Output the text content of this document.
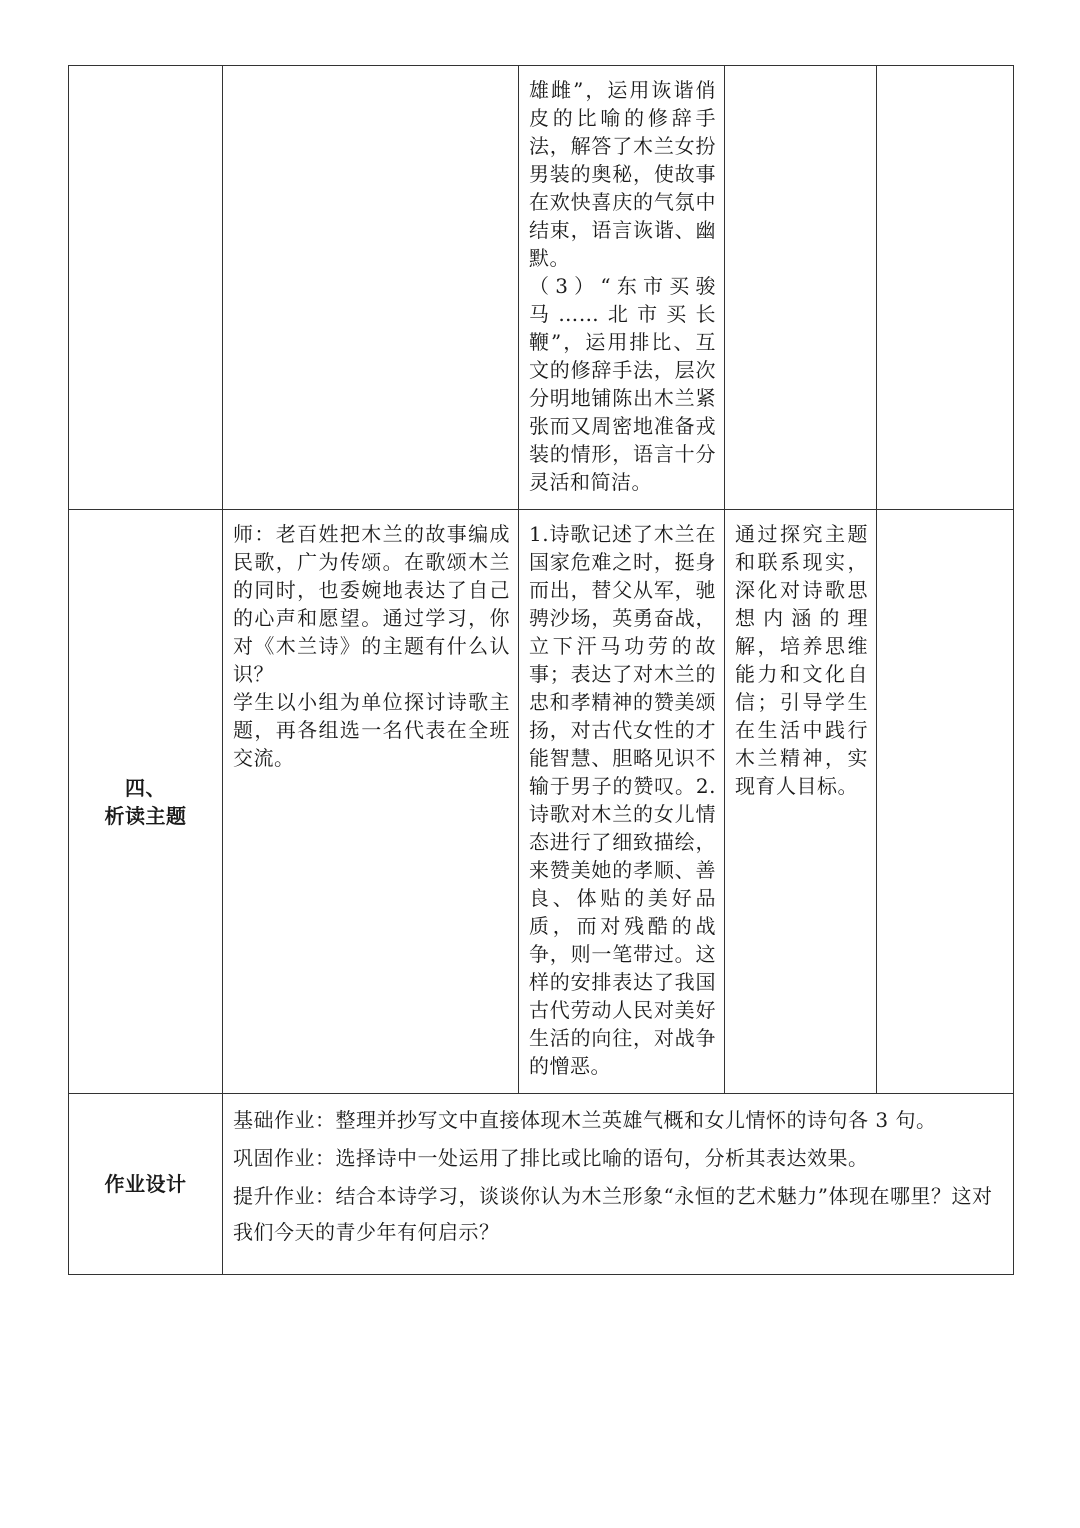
		雄雌”，运用诙谐俏皮的比喻的修辞手法，解答了木兰女扮男装的奥秘，使故事在欢快喜庆的气氛中结束，语言诙谐、幽默。
（3）“东市买骏马……北市买长鞭”，运用排比、互文的修辞手法，层次分明地铺陈出木兰紧张而又周密地准备戎装的情形，语言十分灵活和简洁。		

四、
析读主题	师：老百姓把木兰的故事编成民歌，广为传颂。在歌颂木兰的同时，也委婉地表达了自己的心声和愿望。通过学习，你对《木兰诗》的主题有什么认识？
学生以小组为单位探讨诗歌主题，再各组选一名代表在全班交流。	1.诗歌记述了木兰在国家危难之时，挺身而出，替父从军，驰骋沙场，英勇奋战，立下汗马功劳的故事；表达了对木兰的忠和孝精神的赞美颂扬，对古代女性的才能智慧、胆略见识不输于男子的赞叹。2.诗歌对木兰的女儿情态进行了细致描绘，来赞美她的孝顺、善良、体贴的美好品质，而对残酷的战争，则一笔带过。这样的安排表达了我国古代劳动人民对美好生活的向往，对战争的憎恶。	通过探究主题和联系现实，深化对诗歌思想内涵的理解，培养思维能力和文化自信；引导学生在生活中践行木兰精神，实现育人目标。	

作业设计	基础作业：整理并抄写文中直接体现木兰英雄气概和女儿情怀的诗句各 3 句。

巩固作业：选择诗中一处运用了排比或比喻的语句，分析其表达效果。

提升作业：结合本诗学习，谈谈你认为木兰形象“永恒的艺术魅力”体现在哪里？这对我们今天的青少年有何启示？			
